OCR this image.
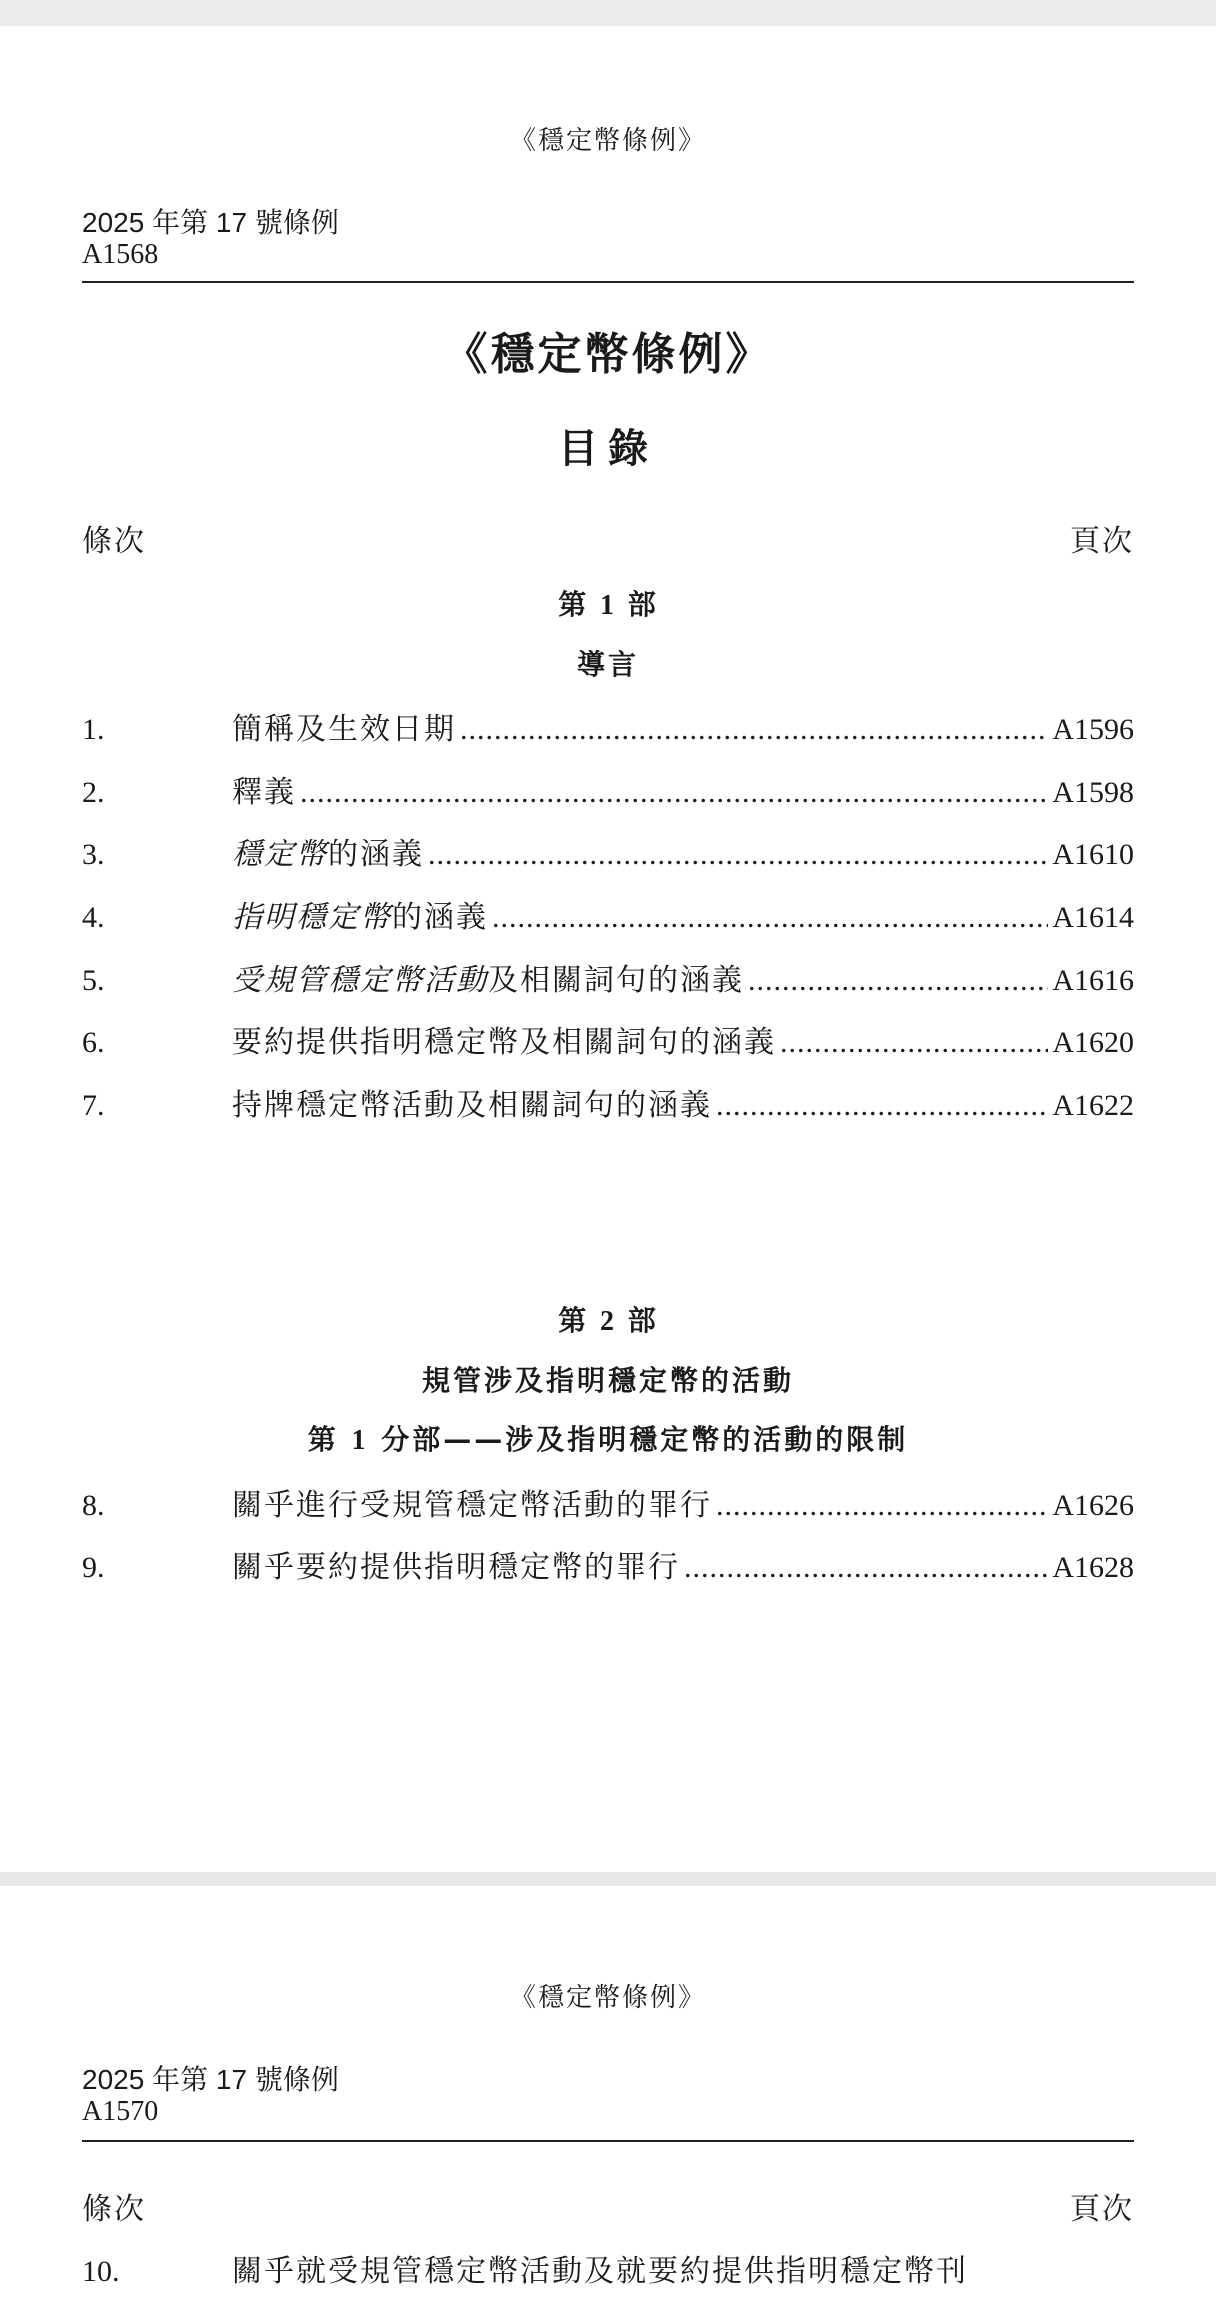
《穩定幣條例》
2025 年第 17 號條例
A1568
《穩定幣條例》
目錄
條次	頁次
第 1 部
導言
1.	簡稱及生效日期 .....	A1596
2.	釋義 .....	A1598
3.	穩定幣的涵義 .....	A1610
4.	指明穩定幣的涵義 .....	A1614
5.	受規管穩定幣活動及相關詞句的涵義 .....	A1616
6.	要約提供指明穩定幣及相關詞句的涵義 .....	A1620
7.	持牌穩定幣活動及相關詞句的涵義 .....	A1622
第 2 部
規管涉及指明穩定幣的活動
第 1 分部——涉及指明穩定幣的活動的限制
8.	關乎進行受規管穩定幣活動的罪行 .....	A1626
9.	關乎要約提供指明穩定幣的罪行 .....	A1628
《穩定幣條例》
2025 年第 17 號條例
A1570
條次	頁次
10.	關乎就受規管穩定幣活動及就要約提供指明穩定幣刊
